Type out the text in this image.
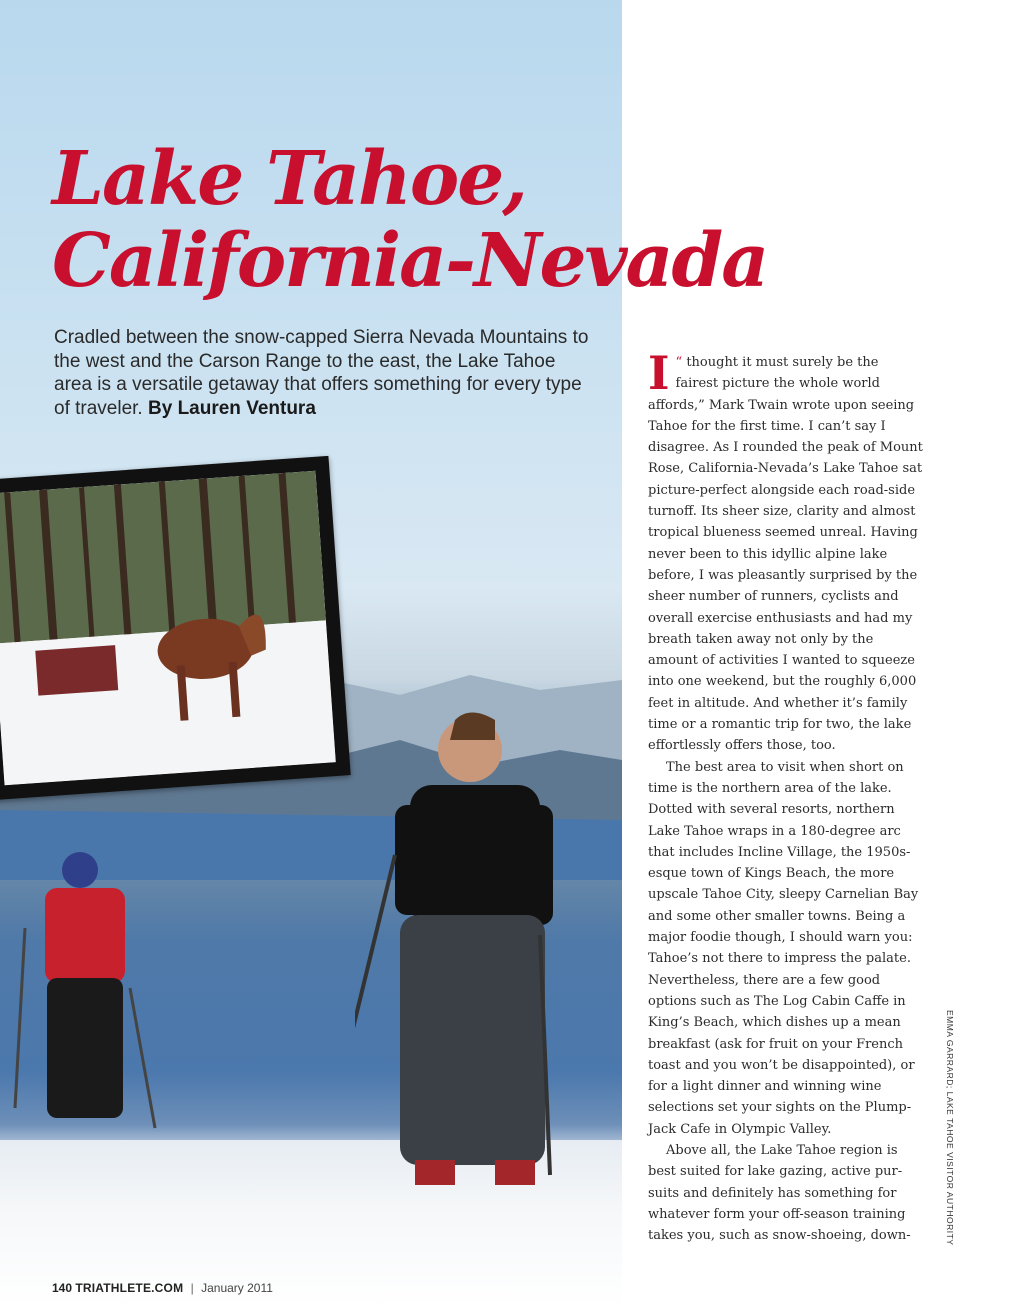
Lake Tahoe,
California-Nevada

Cradled between the snow-capped Sierra Nevada Mountains to the west and the Carson Range to the east, the Lake Tahoe area is a versatile getaway that offers something for every type of traveler. By Lauren Ventura

“
I thought it must surely be the fairest picture the whole world affords,” Mark Twain wrote upon seeing Tahoe for the first time. I can’t say I disagree. As I rounded the peak of Mount Rose, California-Nevada’s Lake Tahoe sat picture-perfect alongside each road-side turnoff. Its sheer size, clarity and almost tropical blueness seemed unreal. Having never been to this idyllic alpine lake before, I was pleasantly surprised by the sheer number of runners, cyclists and overall exercise enthusiasts and had my breath taken away not only by the amount of activities I wanted to squeeze into one weekend, but the roughly 6,000 feet in altitude. And whether it’s family time or a romantic trip for two, the lake effortlessly offers those, too.

The best area to visit when short on time is the northern area of the lake. Dotted with several resorts, northern Lake Tahoe wraps in a 180-degree arc that includes Incline Village, the 1950s-esque town of Kings Beach, the more upscale Tahoe City, sleepy Carnelian Bay and some other smaller towns. Being a major foodie though, I should warn you: Tahoe’s not there to impress the palate. Nevertheless, there are a few good options such as The Log Cabin Caffe in King’s Beach, which dishes up a mean breakfast (ask for fruit on your French toast and you won’t be disappointed), or for a light dinner and winning wine selections set your sights on the Plump-Jack Cafe in Olympic Valley.

Above all, the Lake Tahoe region is best suited for lake gazing, active pur-suits and definitely has something for whatever form your off-season training takes you, such as snow-shoeing, down-	EMMA GARRARD; LAKE TAHOE VISITOR AUTHORITY
140 TRIATHLETE.COM | January 2011
